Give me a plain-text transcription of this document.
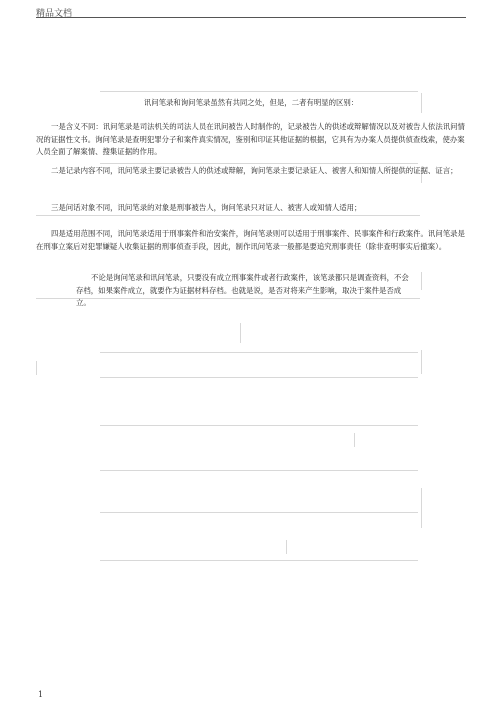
精品文档
讯问笔录和询问笔录虽然有共同之处，但是，二者有明显的区别：

一是含义不同：讯问笔录是司法机关的司法人员在讯问被告人时制作的，记录被告人的供述或辩解情况以及对被告人依法讯问情况的证据性文书。询问笔录是查明犯罪分子和案件真实情况，鉴别和印证其他证据的根据，它具有为办案人员提供侦查线索，使办案人员全面了解案情、搜集证据的作用。

二是记录内容不同，讯问笔录主要记录被告人的供述或辩解，询问笔录主要记录证人、被害人和知情人所提供的证据、证言；

三是问话对象不同，讯问笔录的对象是刑事被告人，询问笔录只对证人、被害人或知情人适用；

四是适用范围不同，讯问笔录适用于刑事案件和治安案件，询问笔录则可以适用于刑事案件、民事案件和行政案件。讯问笔录是在刑事立案后对犯罪嫌疑人收集证据的刑事侦查手段，因此，制作讯问笔录一般都是要追究刑事责任（除非查明事实后撤案）。

不论是询问笔录和讯问笔录，只要没有成立刑事案件或者行政案件，该笔录都只是调查资料，不会存档，如果案件成立，就要作为证据材料存档。也就是说，是否对将来产生影响，取决于案件是否成立。

1
